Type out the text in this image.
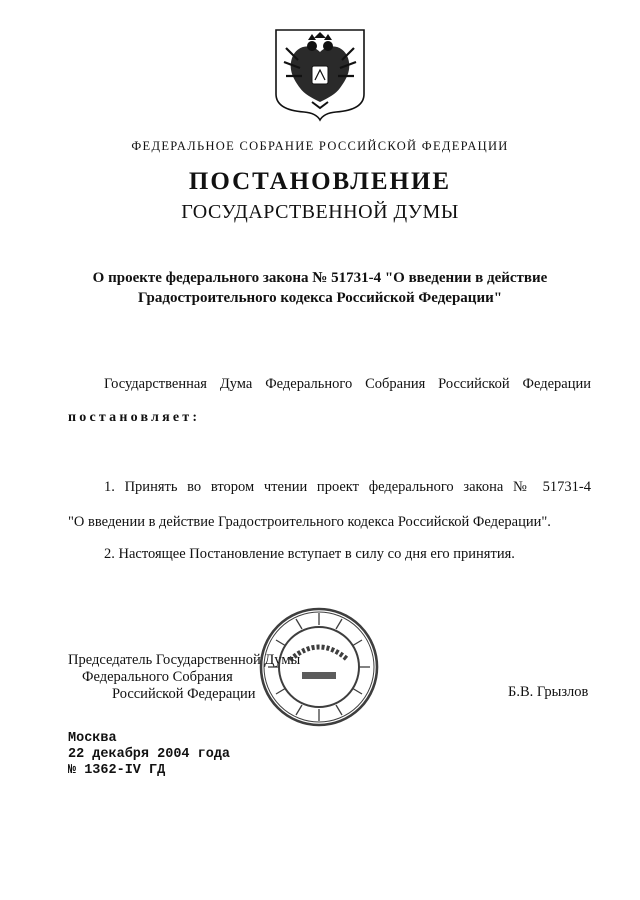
ФЕДЕРАЛЬНОЕ СОБРАНИЕ РОССИЙСКОЙ ФЕДЕРАЦИИ
ПОСТАНОВЛЕНИЕ
ГОСУДАРСТВЕННОЙ ДУМЫ
О проекте федерального закона № 51731-4 "О введении в действие
Градостроительного кодекса Российской Федерации"
Государственная Дума Федерального Собрания Российской Федерации
постановляет:
1. Принять во втором чтении проект федерального закона № 51731-4
"О введении в действие Градостроительного кодекса Российской Федерации".
2. Настоящее Постановление вступает в силу со дня его принятия.
Председатель Государственной Думы
Федерального Собрания
Российской Федерации	Б.В. Грызлов
Москва
22 декабря 2004 года
№ 1362-IV ГД
